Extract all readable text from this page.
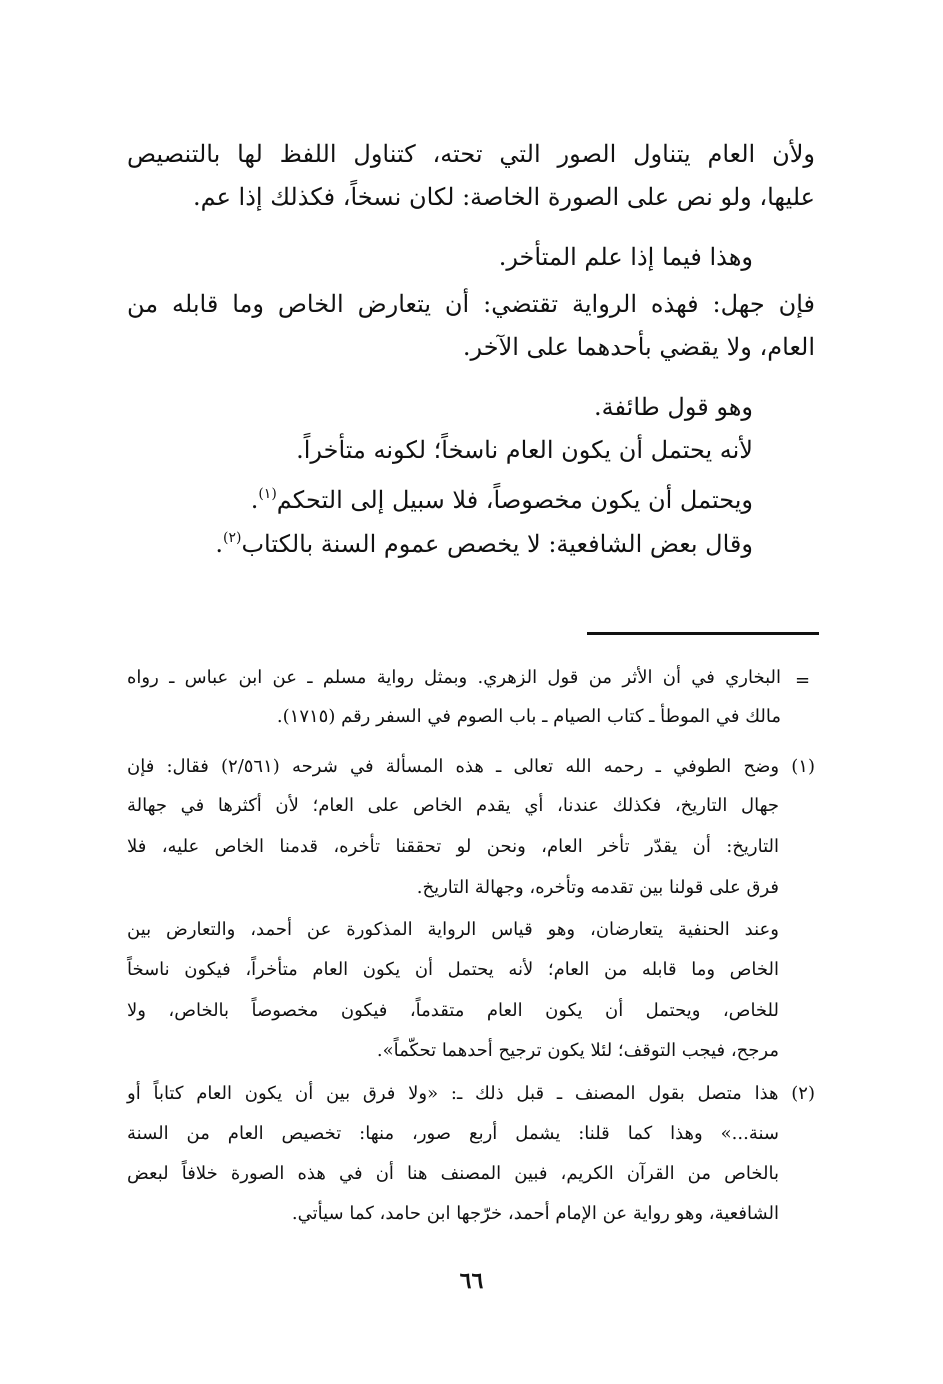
ولأن العام يتناول الصور التي تحته، كتناول اللفظ لها بالتنصيص
عليها، ولو نص على الصورة الخاصة: لكان نسخاً، فكذلك إذا عم.
وهذا فيما إذا علم المتأخر.
فإن جهل: فهذه الرواية تقتضي: أن يتعارض الخاص وما قابله من
العام، ولا يقضي بأحدهما على الآخر.
وهو قول طائفة.
لأنه يحتمل أن يكون العام ناسخاً؛ لكونه متأخراً.
ويحتمل أن يكون مخصوصاً، فلا سبيل إلى التحكم$^{(١)}$.
وقال بعض الشافعية: لا يخصص عموم السنة بالكتاب$^{(٢)}$.
=
البخاري في أن الأثر من قول الزهري. وبمثل رواية مسلم ـ عن ابن عباس ـ رواه
مالك في الموطأ ـ كتاب الصيام ـ باب الصوم في السفر رقم (١٧١٥).
(١) وضح الطوفي ـ رحمه الله تعالى ـ هذه المسألة في شرحه (٢/٥٦١) فقال: فإن
جهال التاريخ، فكذلك عندنا، أي يقدم الخاص على العام؛ لأن أكثرها في جهالة
التاريخ: أن يقدّر تأخر العام، ونحن لو تحققنا تأخره، قدمنا الخاص عليه، فلا
فرق على قولنا بين تقدمه وتأخره، وجهالة التاريخ.
وعند الحنفية يتعارضان، وهو قياس الرواية المذكورة عن أحمد، والتعارض بين
الخاص وما قابله من العام؛ لأنه يحتمل أن يكون العام متأخراً، فيكون ناسخاً
للخاص، ويحتمل أن يكون العام متقدماً، فيكون مخصوصاً بالخاص، ولا
مرجح، فيجب التوقف؛ لئلا يكون ترجيح أحدهما تحكّماً».
(٢) هذا متصل بقول المصنف ـ قبل ذلك ـ: «ولا فرق بين أن يكون العام كتاباً أو
سنة...» وهذا كما قلنا: يشمل أربع صور، منها: تخصيص العام من السنة
بالخاص من القرآن الكريم، فبين المصنف هنا أن في هذه الصورة خلافاً لبعض
الشافعية، وهو رواية عن الإمام أحمد، خرّجها ابن حامد، كما سيأتي.
٦٦
